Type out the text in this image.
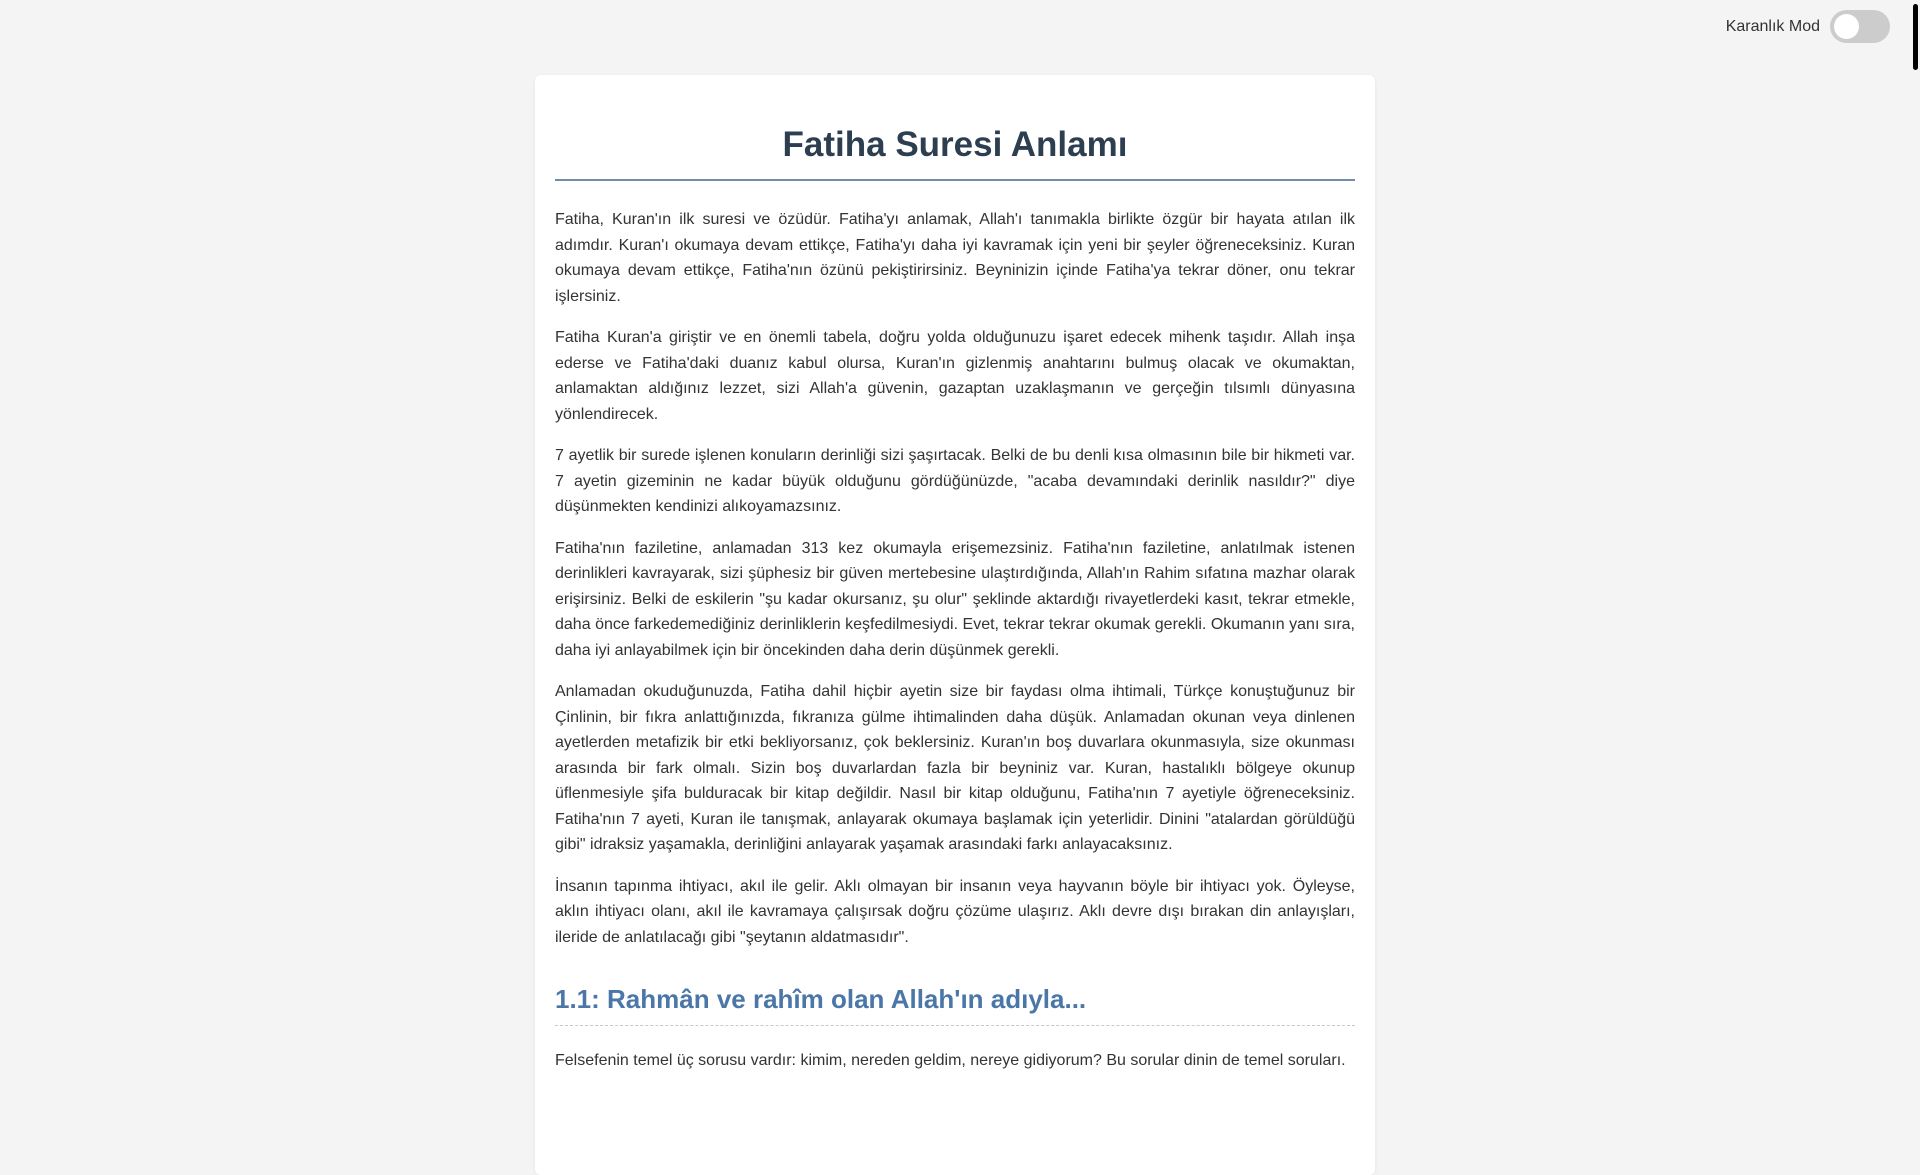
Karanlık Mod
Fatiha Suresi Anlamı

Fatiha, Kuran'ın ilk suresi ve özüdür. Fatiha'yı anlamak, Allah'ı tanımakla birlikte özgür bir hayata atılan ilk adımdır. Kuran'ı okumaya devam ettikçe, Fatiha'yı daha iyi kavramak için yeni bir şeyler öğreneceksiniz. Kuran okumaya devam ettikçe, Fatiha'nın özünü pekiştirirsiniz. Beyninizin içinde Fatiha'ya tekrar döner, onu tekrar işlersiniz.

Fatiha Kuran'a giriştir ve en önemli tabela, doğru yolda olduğunuzu işaret edecek mihenk taşıdır. Allah inşa ederse ve Fatiha'daki duanız kabul olursa, Kuran'ın gizlenmiş anahtarını bulmuş olacak ve okumaktan, anlamaktan aldığınız lezzet, sizi Allah'a güvenin, gazaptan uzaklaşmanın ve gerçeğin tılsımlı dünyasına yönlendirecek.

7 ayetlik bir surede işlenen konuların derinliği sizi şaşırtacak. Belki de bu denli kısa olmasının bile bir hikmeti var. 7 ayetin gizeminin ne kadar büyük olduğunu gördüğünüzde, "acaba devamındaki derinlik nasıldır?" diye düşünmekten kendinizi alıkoyamazsınız.

Fatiha'nın faziletine, anlamadan 313 kez okumayla erişemezsiniz. Fatiha'nın faziletine, anlatılmak istenen derinlikleri kavrayarak, sizi şüphesiz bir güven mertebesine ulaştırdığında, Allah'ın Rahim sıfatına mazhar olarak erişirsiniz. Belki de eskilerin "şu kadar okursanız, şu olur" şeklinde aktardığı rivayetlerdeki kasıt, tekrar etmekle, daha önce farkedemediğiniz derinliklerin keşfedilmesiydi. Evet, tekrar tekrar okumak gerekli. Okumanın yanı sıra, daha iyi anlayabilmek için bir öncekinden daha derin düşünmek gerekli.

Anlamadan okuduğunuzda, Fatiha dahil hiçbir ayetin size bir faydası olma ihtimali, Türkçe konuştuğunuz bir Çinlinin, bir fıkra anlattığınızda, fıkranıza gülme ihtimalinden daha düşük. Anlamadan okunan veya dinlenen ayetlerden metafizik bir etki bekliyorsanız, çok beklersiniz. Kuran'ın boş duvarlara okunmasıyla, size okunması arasında bir fark olmalı. Sizin boş duvarlardan fazla bir beyniniz var. Kuran, hastalıklı bölgeye okunup üflenmesiyle şifa bulduracak bir kitap değildir. Nasıl bir kitap olduğunu, Fatiha'nın 7 ayetiyle öğreneceksiniz. Fatiha'nın 7 ayeti, Kuran ile tanışmak, anlayarak okumaya başlamak için yeterlidir. Dinini "atalardan görüldüğü gibi" idraksiz yaşamakla, derinliğini anlayarak yaşamak arasındaki farkı anlayacaksınız.

İnsanın tapınma ihtiyacı, akıl ile gelir. Aklı olmayan bir insanın veya hayvanın böyle bir ihtiyacı yok. Öyleyse, aklın ihtiyacı olanı, akıl ile kavramaya çalışırsak doğru çözüme ulaşırız. Aklı devre dışı bırakan din anlayışları, ileride de anlatılacağı gibi "şeytanın aldatmasıdır".

1.1: Rahmân ve rahîm olan Allah'ın adıyla...

Felsefenin temel üç sorusu vardır: kimim, nereden geldim, nereye gidiyorum? Bu sorular dinin de temel soruları.
